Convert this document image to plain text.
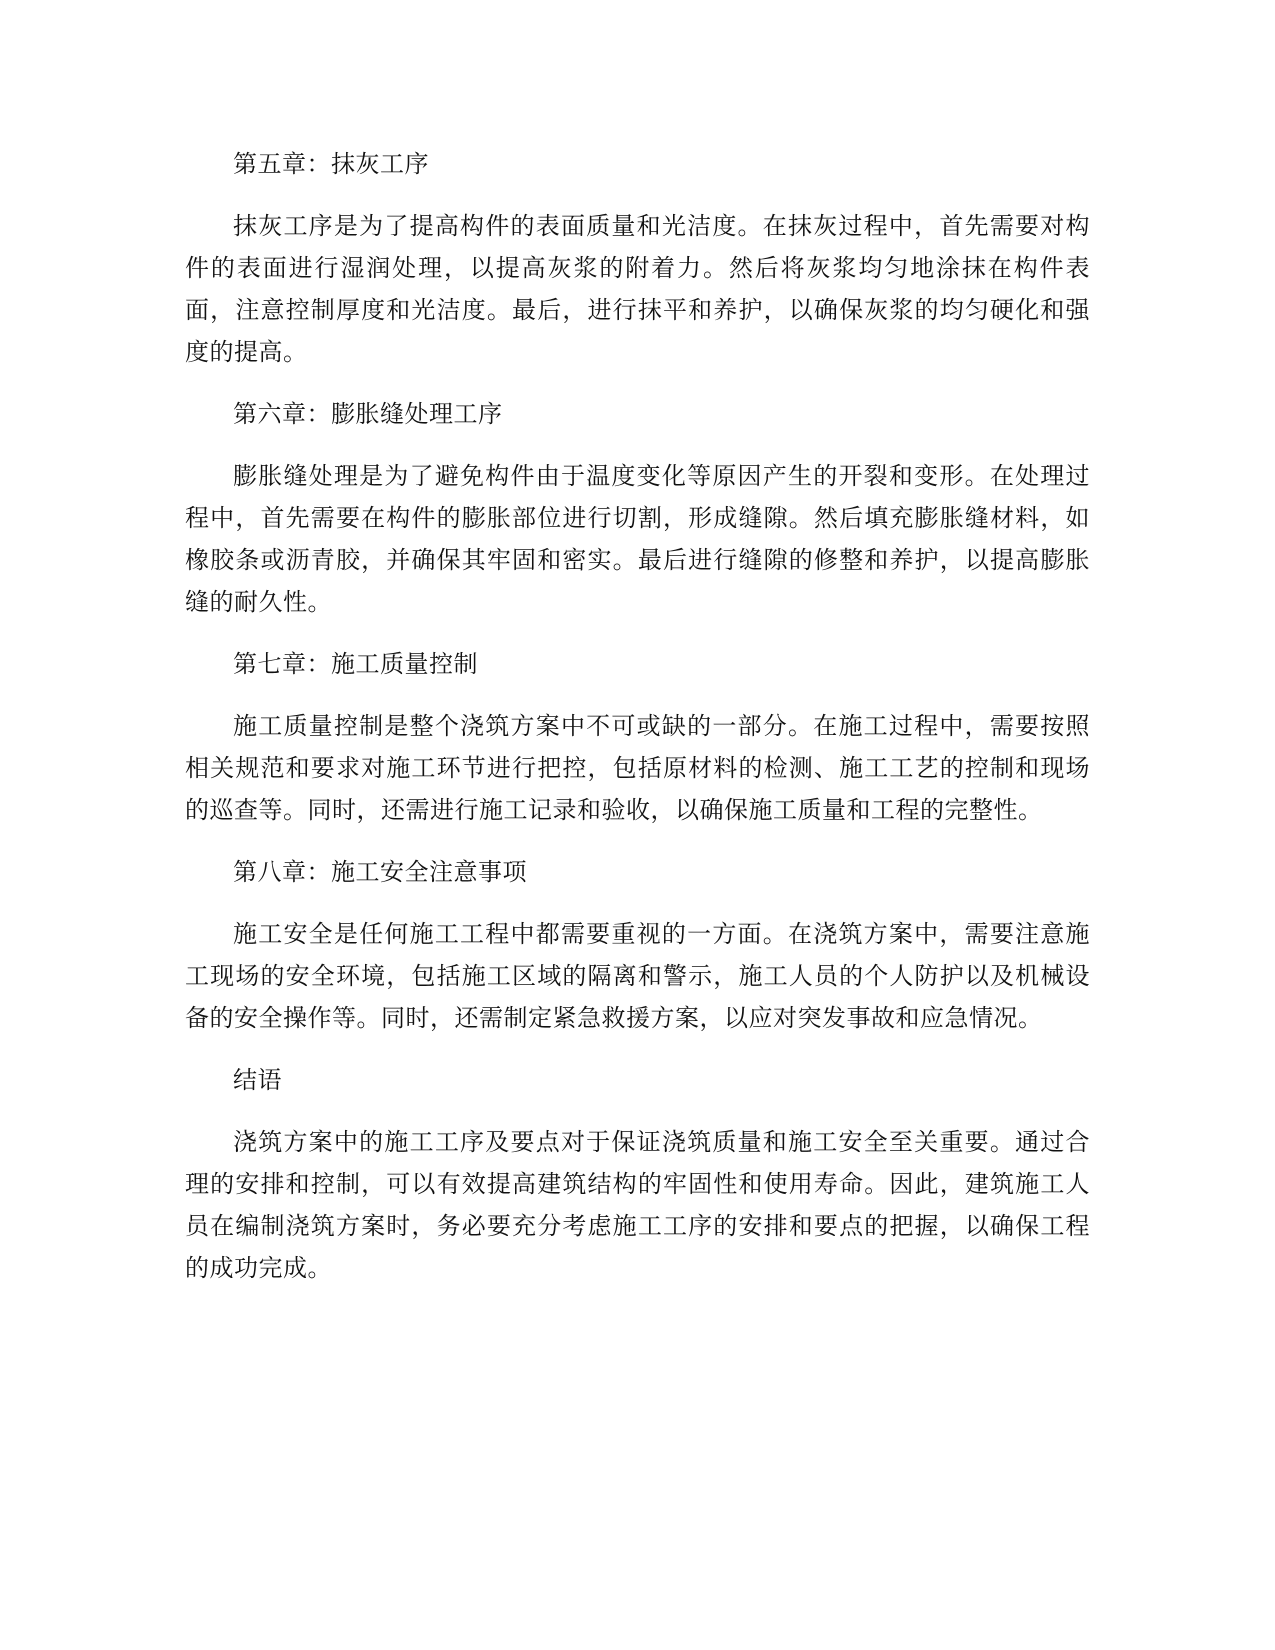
第五章：抹灰工序

抹灰工序是为了提高构件的表面质量和光洁度。在抹灰过程中，首先需要对构件的表面进行湿润处理，以提高灰浆的附着力。然后将灰浆均匀地涂抹在构件表面，注意控制厚度和光洁度。最后，进行抹平和养护，以确保灰浆的均匀硬化和强度的提高。

第六章：膨胀缝处理工序

膨胀缝处理是为了避免构件由于温度变化等原因产生的开裂和变形。在处理过程中，首先需要在构件的膨胀部位进行切割，形成缝隙。然后填充膨胀缝材料，如橡胶条或沥青胶，并确保其牢固和密实。最后进行缝隙的修整和养护，以提高膨胀缝的耐久性。

第七章：施工质量控制

施工质量控制是整个浇筑方案中不可或缺的一部分。在施工过程中，需要按照相关规范和要求对施工环节进行把控，包括原材料的检测、施工工艺的控制和现场的巡查等。同时，还需进行施工记录和验收，以确保施工质量和工程的完整性。

第八章：施工安全注意事项

施工安全是任何施工工程中都需要重视的一方面。在浇筑方案中，需要注意施工现场的安全环境，包括施工区域的隔离和警示，施工人员的个人防护以及机械设备的安全操作等。同时，还需制定紧急救援方案，以应对突发事故和应急情况。

结语

浇筑方案中的施工工序及要点对于保证浇筑质量和施工安全至关重要。通过合理的安排和控制，可以有效提高建筑结构的牢固性和使用寿命。因此，建筑施工人员在编制浇筑方案时，务必要充分考虑施工工序的安排和要点的把握，以确保工程的成功完成。
